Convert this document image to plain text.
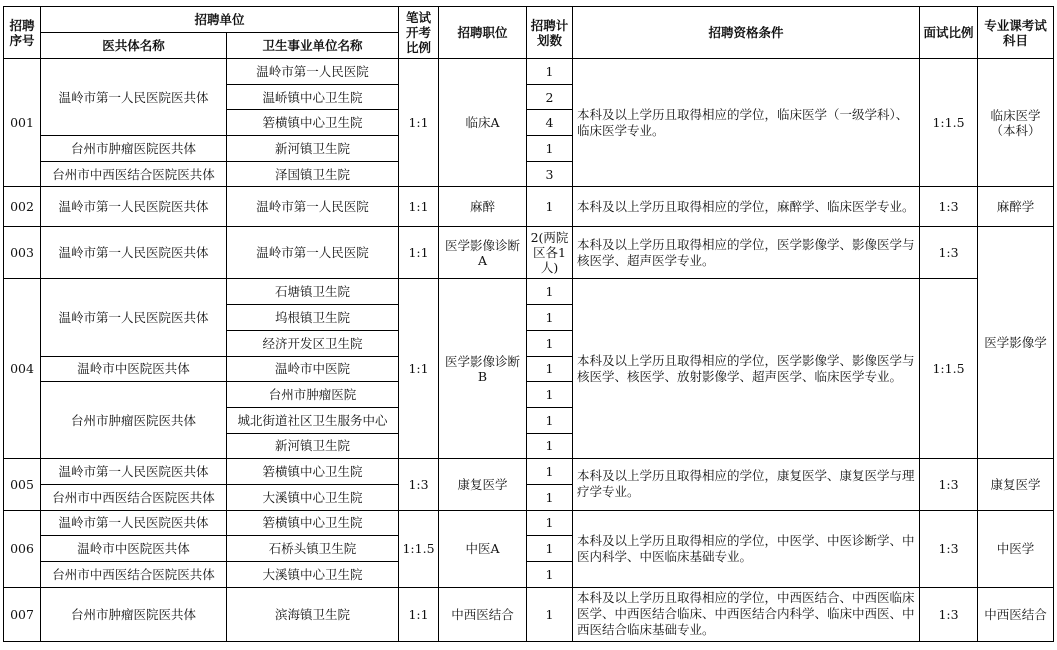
招聘序号	招聘单位		笔试开考比例	招聘职位	招聘计划数	招聘资格条件	面试比例	专业课考试科目
	医共体名称	卫生事业单位名称						
001	温岭市第一人民医院医共体	温岭市第一人民医院	1:1	临床A	1	本科及以上学历且取得相应的学位，临床医学（一级学科）、临床医学专业。	1:1.5	临床医学（本科）
		温峤镇中心卫生院			2			
		箬横镇中心卫生院			4			
	台州市肿瘤医院医共体	新河镇卫生院			1			
	台州市中西医结合医院医共体	泽国镇卫生院			3			
002	温岭市第一人民医院医共体	温岭市第一人民医院	1:1	麻醉	1	本科及以上学历且取得相应的学位，麻醉学、临床医学专业。	1:3	麻醉学
003	温岭市第一人民医院医共体	温岭市第一人民医院	1:1	医学影像诊断A	2(两院区各1人)	本科及以上学历且取得相应的学位，医学影像学、影像医学与核医学、超声医学专业。	1:3	医学影像学
004	温岭市第一人民医院医共体	石塘镇卫生院	1:1	医学影像诊断B	1	本科及以上学历且取得相应的学位，医学影像学、影像医学与核医学、核医学、放射影像学、超声医学、临床医学专业。	1:1.5	
		坞根镇卫生院			1			
		经济开发区卫生院			1			
	温岭市中医院医共体	温岭市中医院			1			
	台州市肿瘤医院医共体	台州市肿瘤医院			1			
		城北街道社区卫生服务中心			1			
		新河镇卫生院			1			
005	温岭市第一人民医院医共体	箬横镇中心卫生院	1:3	康复医学	1	本科及以上学历且取得相应的学位，康复医学、康复医学与理疗学专业。	1:3	康复医学
	台州市中西医结合医院医共体	大溪镇中心卫生院			1			
006	温岭市第一人民医院医共体	箬横镇中心卫生院	1:1.5	中医A	1	本科及以上学历且取得相应的学位，中医学、中医诊断学、中医内科学、中医临床基础专业。	1:3	中医学
	温岭市中医院医共体	石桥头镇卫生院			1			
	台州市中西医结合医院医共体	大溪镇中心卫生院			1			
007	台州市肿瘤医院医共体	滨海镇卫生院	1:1	中西医结合	1	本科及以上学历且取得相应的学位，中西医结合、中西医临床医学、中西医结合临床、中西医结合内科学、临床中西医、中西医结合临床基础专业。	1:3	中西医结合
